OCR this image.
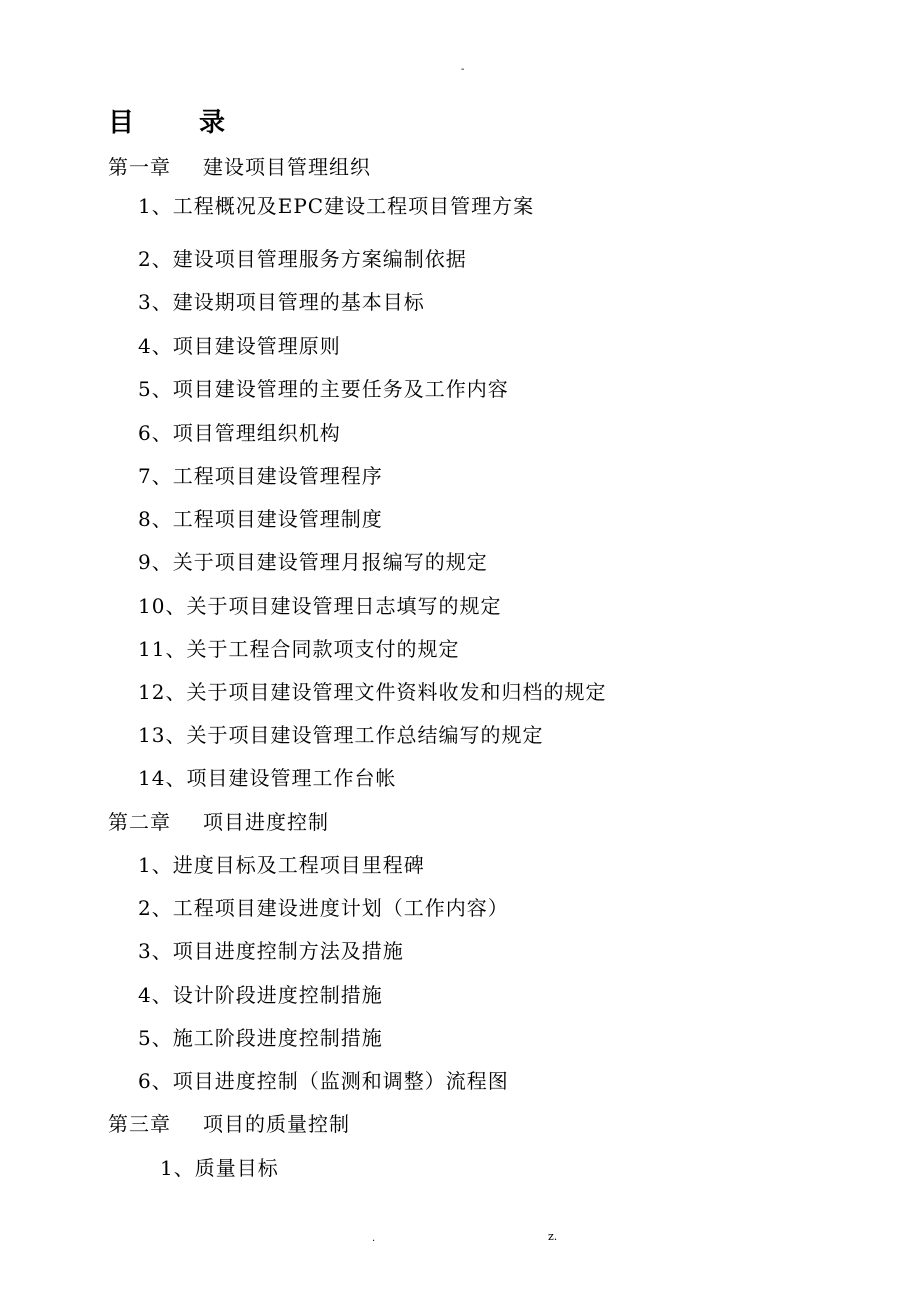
-
目 录
第一章 建设项目管理组织
1、工程概况及EPC建设工程项目管理方案
2、建设项目管理服务方案编制依据
3、建设期项目管理的基本目标
4、项目建设管理原则
5、项目建设管理的主要任务及工作内容
6、项目管理组织机构
7、工程项目建设管理程序
8、工程项目建设管理制度
9、关于项目建设管理月报编写的规定
10、关于项目建设管理日志填写的规定
11、关于工程合同款项支付的规定
12、关于项目建设管理文件资料收发和归档的规定
13、关于项目建设管理工作总结编写的规定
14、项目建设管理工作台帐
第二章 项目进度控制
1、进度目标及工程项目里程碑
2、工程项目建设进度计划（工作内容）
3、项目进度控制方法及措施
4、设计阶段进度控制措施
5、施工阶段进度控制措施
6、项目进度控制（监测和调整）流程图
第三章 项目的质量控制
1、质量目标
.	z.
